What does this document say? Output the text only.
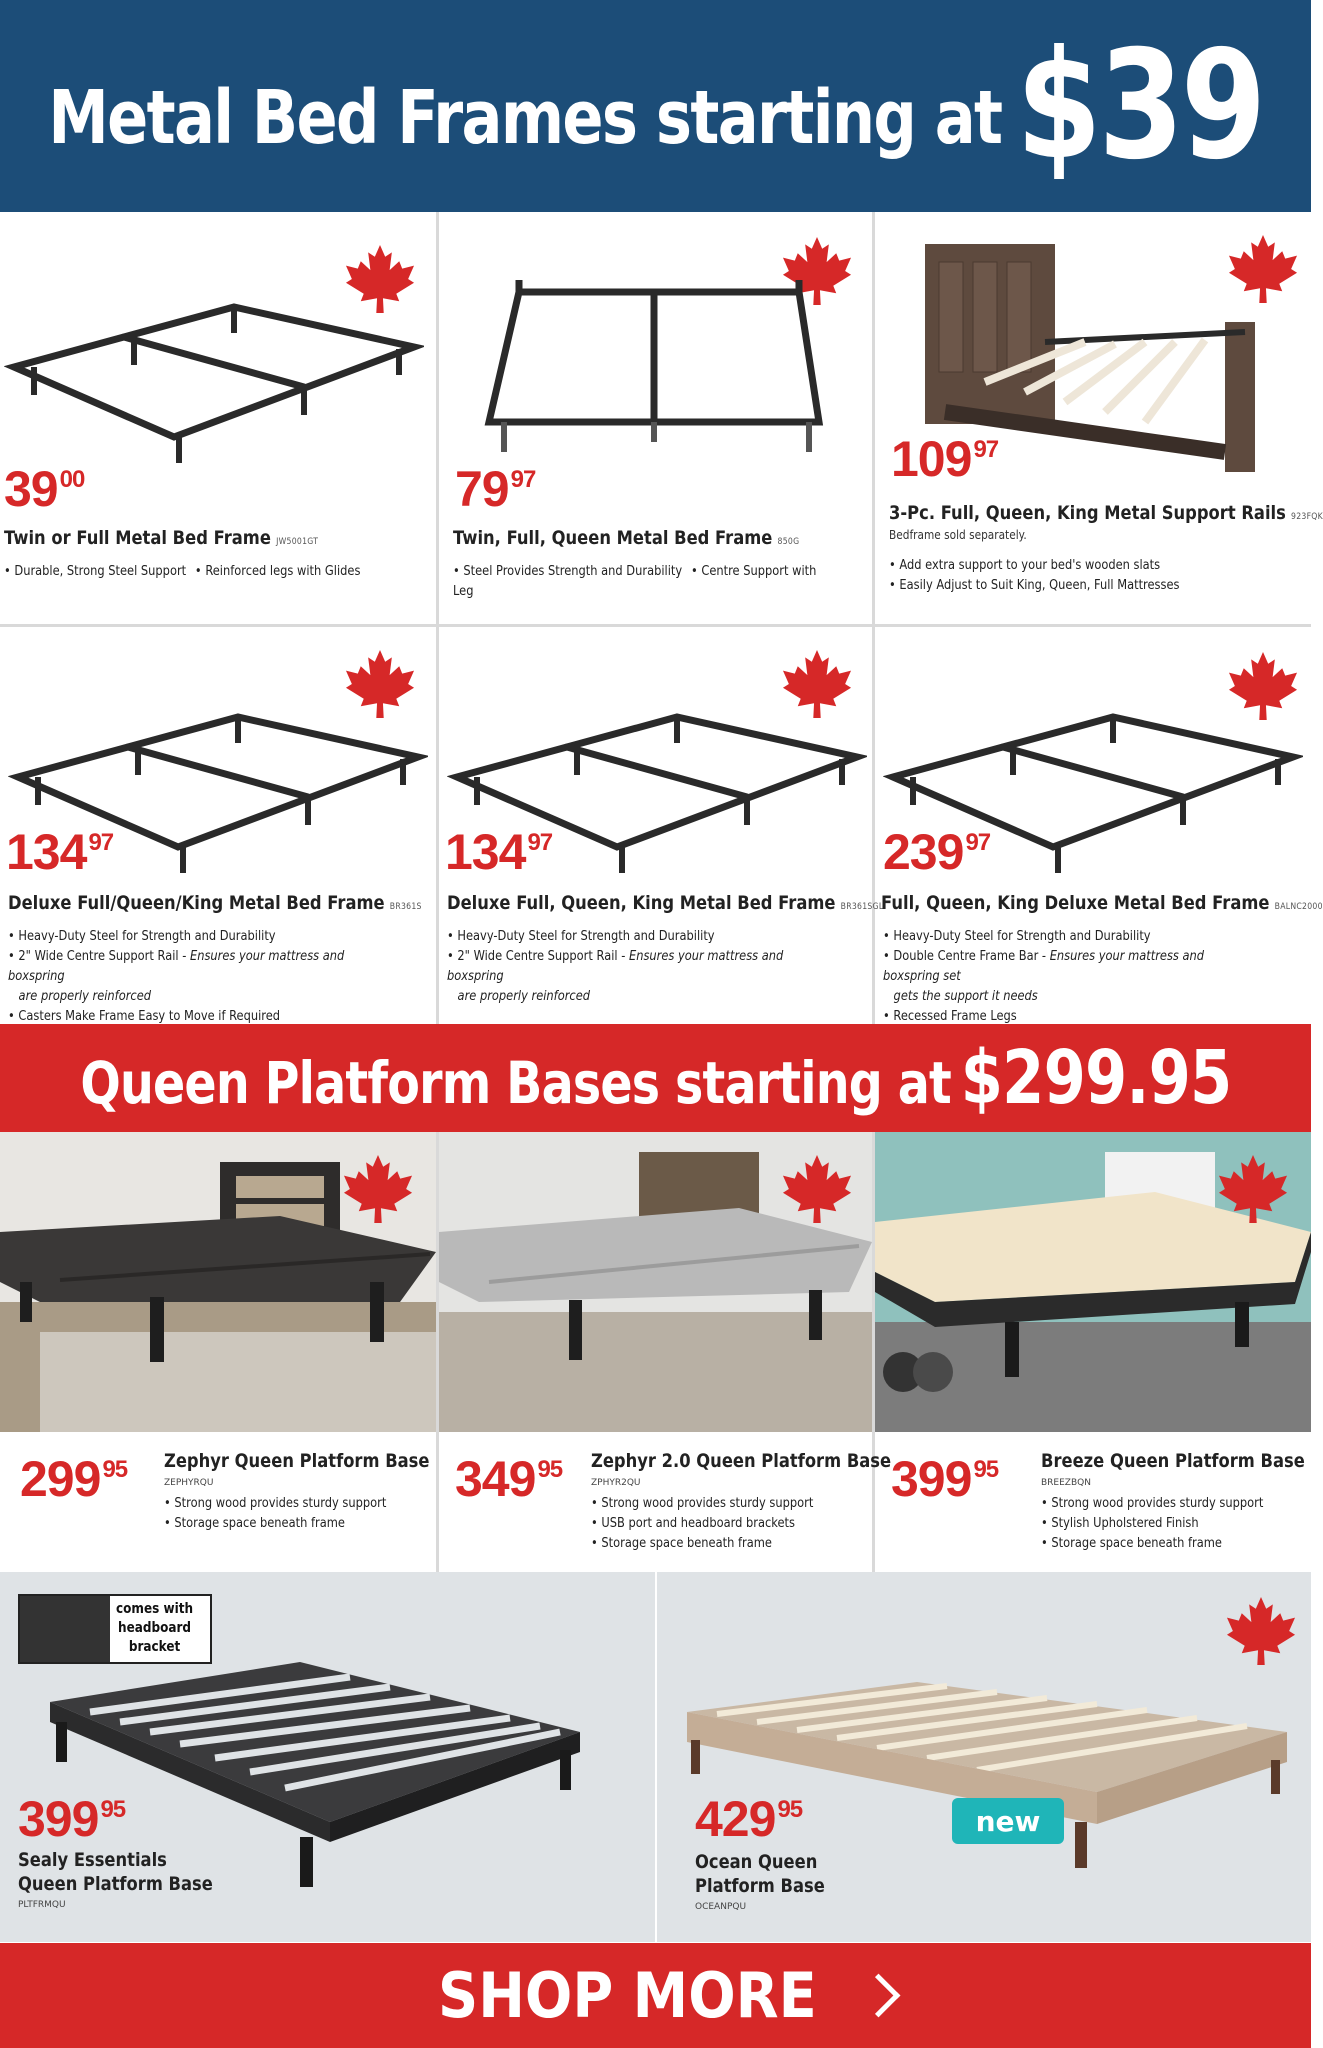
Metal Bed Frames starting at$39
$39^{00}$
Twin or Full Metal Bed Frame JW5001GT
• Durable, Strong Steel Support • Reinforced legs with Glides
$79^{97}$
Twin, Full, Queen Metal Bed Frame 850G
• Steel Provides Strength and Durability • Centre Support with Leg
$109^{97}$
3-Pc. Full, Queen, King Metal Support Rails 923FQK
Bedframe sold separately.
• Add extra support to your bed's wooden slats
• Easily Adjust to Suit King, Queen, Full Mattresses
$134^{97}$
Deluxe Full/Queen/King Metal Bed Frame BR361S
• Heavy-Duty Steel for Strength and Durability
• 2" Wide Centre Support Rail - Ensures your mattress and boxspring
are properly reinforced
• Casters Make Frame Easy to Move if Required
$134^{97}$
Deluxe Full, Queen, King Metal Bed Frame BR361SGL
• Heavy-Duty Steel for Strength and Durability
• 2" Wide Centre Support Rail - Ensures your mattress and boxspring
are properly reinforced
$239^{97}$
Full, Queen, King Deluxe Metal Bed Frame BALNC2000
• Heavy-Duty Steel for Strength and Durability
• Double Centre Frame Bar - Ensures your mattress and boxspring set
gets the support it needs
• Recessed Frame Legs
Queen Platform Bases starting at $299.95
$299^{95}$ Zephyr Queen Platform Base
ZEPHYRQU
• Strong wood provides sturdy support
• Storage space beneath frame
$349^{95}$ Zephyr 2.0 Queen Platform Base
ZPHYR2QU
• Strong wood provides sturdy support
• USB port and headboard brackets
• Storage space beneath frame
$399^{95}$ Breeze Queen Platform Base
BREEZBQN
• Strong wood provides sturdy support
• Stylish Upholstered Finish
• Storage space beneath frame
$399^{95}$
Sealy Essentials
Queen Platform Base
PLTFRMQU
comes with
headboard
bracket
$429^{95}$
Ocean Queen
Platform Base
OCEANPQU
new
SHOP MORE
